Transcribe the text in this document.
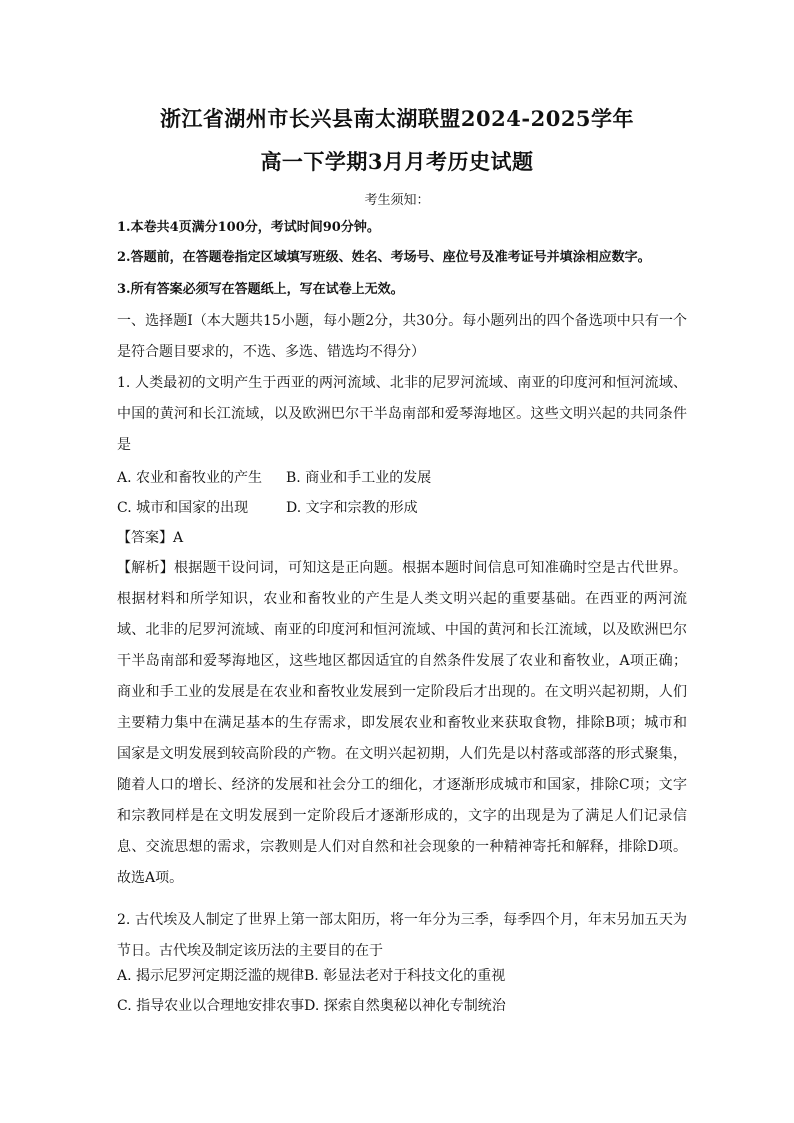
浙江省湖州市长兴县南太湖联盟2024-2025学年
高一下学期3月月考历史试题
考生须知：
1.本卷共4页满分100分，考试时间90分钟。
2.答题前，在答题卷指定区域填写班级、姓名、考场号、座位号及准考证号并填涂相应数字。
3.所有答案必须写在答题纸上，写在试卷上无效。

一、选择题Ⅰ（本大题共15小题，每小题2分，共30分。每小题列出的四个备选项中只有一个是符合题目要求的，不选、多选、错选均不得分）

1. 人类最初的文明产生于西亚的两河流域、北非的尼罗河流域、南亚的印度河和恒河流域、中国的黄河和长江流域，以及欧洲巴尔干半岛南部和爱琴海地区。这些文明兴起的共同条件是

A. 农业和畜牧业的产生 B. 商业和手工业的发展
C. 城市和国家的出现	D. 文字和宗教的形成
【答案】A

【解析】根据题干设问词，可知这是正向题。根据本题时间信息可知准确时空是古代世界。根据材料和所学知识，农业和畜牧业的产生是人类文明兴起的重要基础。在西亚的两河流域、北非的尼罗河流域、南亚的印度河和恒河流域、中国的黄河和长江流域，以及欧洲巴尔干半岛南部和爱琴海地区，这些地区都因适宜的自然条件发展了农业和畜牧业，A项正确；商业和手工业的发展是在农业和畜牧业发展到一定阶段后才出现的。在文明兴起初期，人们主要精力集中在满足基本的生存需求，即发展农业和畜牧业来获取食物，排除B项；城市和国家是文明发展到较高阶段的产物。在文明兴起初期，人们先是以村落或部落的形式聚集，随着人口的增长、经济的发展和社会分工的细化，才逐渐形成城市和国家，排除C项；文字和宗教同样是在文明发展到一定阶段后才逐渐形成的，文字的出现是为了满足人们记录信息、交流思想的需求，宗教则是人们对自然和社会现象的一种精神寄托和解释，排除D项。故选A项。

2. 古代埃及人制定了世界上第一部太阳历，将一年分为三季，每季四个月，年末另加五天为节日。古代埃及制定该历法的主要目的在于

A. 揭示尼罗河定期泛滥的规律B. 彰显法老对于科技文化的重视
C. 指导农业以合理地安排农事D. 探索自然奥秘以神化专制统治
